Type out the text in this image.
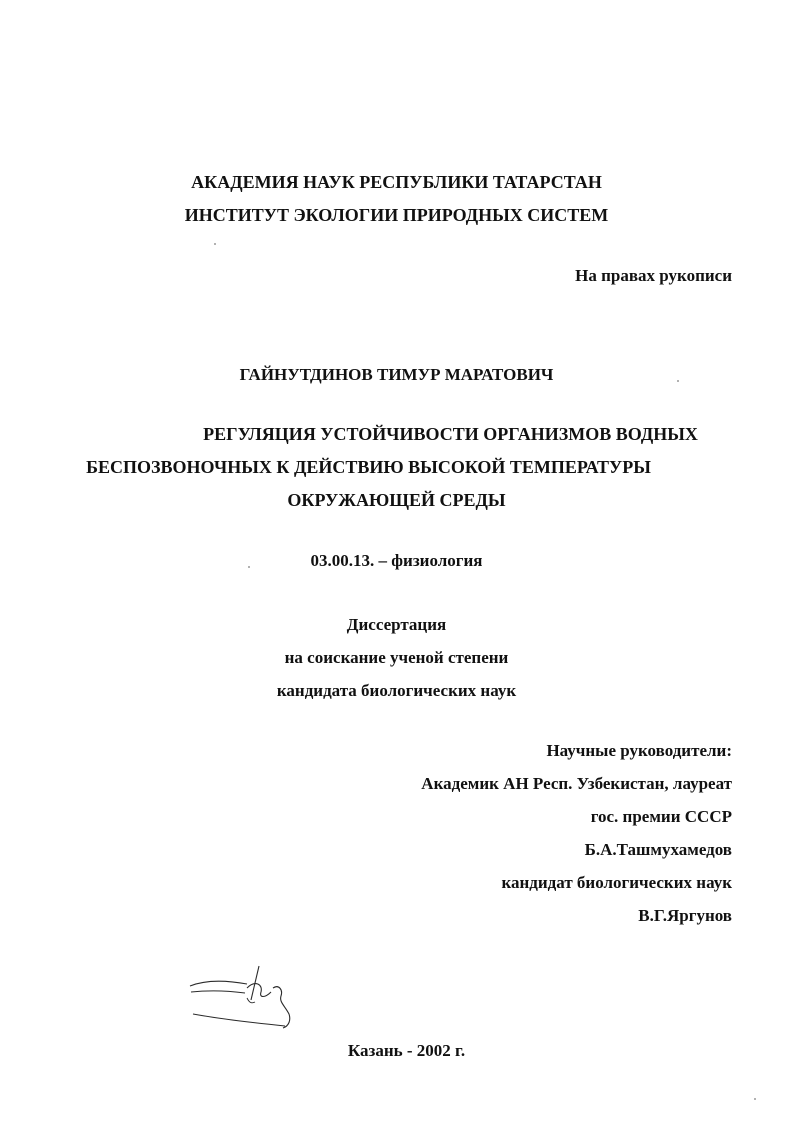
АКАДЕМИЯ НАУК РЕСПУБЛИКИ ТАТАРСТАН
ИНСТИТУТ ЭКОЛОГИИ ПРИРОДНЫХ СИСТЕМ
На правах рукописи
ГАЙНУТДИНОВ ТИМУР МАРАТОВИЧ
РЕГУЛЯЦИЯ УСТОЙЧИВОСТИ ОРГАНИЗМОВ ВОДНЫХ
БЕСПОЗВОНОЧНЫХ К ДЕЙСТВИЮ ВЫСОКОЙ ТЕМПЕРАТУРЫ
ОКРУЖАЮЩЕЙ СРЕДЫ
03.00.13. – физиология
Диссертация
на соискание ученой степени
кандидата биологических наук
Научные руководители:
Академик АН Респ. Узбекистан, лауреат
гос. премии СССР
Б.А.Ташмухамедов
кандидат биологических наук
В.Г.Яргунов
Казань - 2002 г.
